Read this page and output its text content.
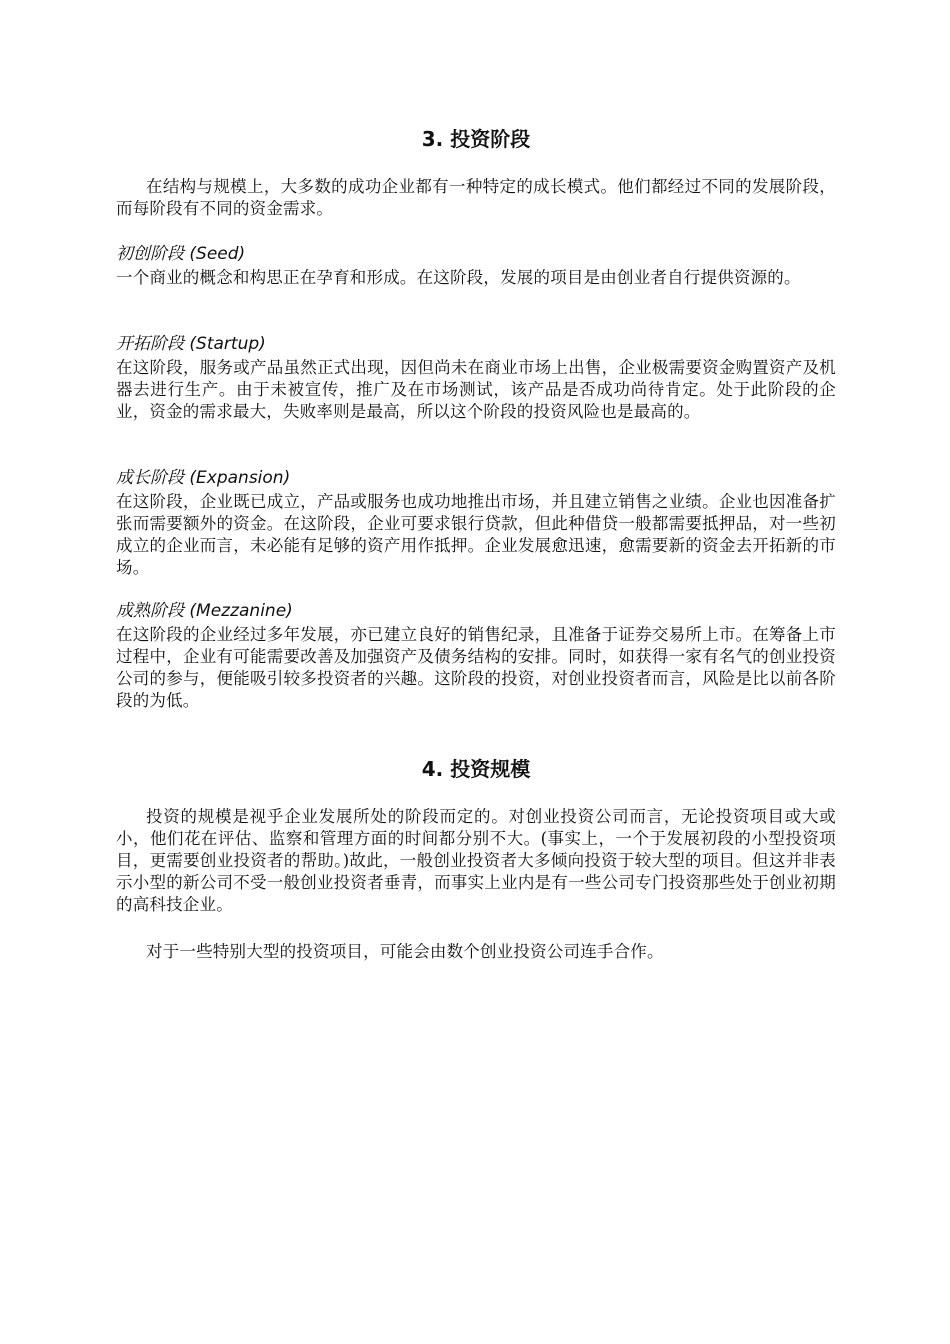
3. 投资阶段

在结构与规模上，大多数的成功企业都有一种特定的成长模式。他们都经过不同的发展阶段，而每阶段有不同的资金需求。

初创阶段 (Seed)

一个商业的概念和构思正在孕育和形成。在这阶段，发展的项目是由创业者自行提供资源的。

开拓阶段 (Startup)

在这阶段，服务或产品虽然正式出现，因但尚未在商业市场上出售，企业极需要资金购置资产及机器去进行生产。由于未被宣传，推广及在市场测试，该产品是否成功尚待肯定。处于此阶段的企业，资金的需求最大，失败率则是最高，所以这个阶段的投资风险也是最高的。

成长阶段 (Expansion)

在这阶段，企业既已成立，产品或服务也成功地推出市场，并且建立销售之业绩。企业也因准备扩张而需要额外的资金。在这阶段，企业可要求银行贷款，但此种借贷一般都需要抵押品，对一些初成立的企业而言，未必能有足够的资产用作抵押。企业发展愈迅速，愈需要新的资金去开拓新的市场。

成熟阶段 (Mezzanine)

在这阶段的企业经过多年发展，亦已建立良好的销售纪录，且准备于证券交易所上市。在筹备上市过程中，企业有可能需要改善及加强资产及债务结构的安排。同时，如获得一家有名气的创业投资公司的参与，便能吸引较多投资者的兴趣。这阶段的投资，对创业投资者而言，风险是比以前各阶段的为低。

4. 投资规模

投资的规模是视乎企业发展所处的阶段而定的。对创业投资公司而言，无论投资项目或大或小，他们花在评估、监察和管理方面的时间都分别不大。(事实上，一个于发展初段的小型投资项目，更需要创业投资者的帮助。)故此，一般创业投资者大多倾向投资于较大型的项目。但这并非表示小型的新公司不受一般创业投资者垂青，而事实上业内是有一些公司专门投资那些处于创业初期的高科技企业。

对于一些特别大型的投资项目，可能会由数个创业投资公司连手合作。
